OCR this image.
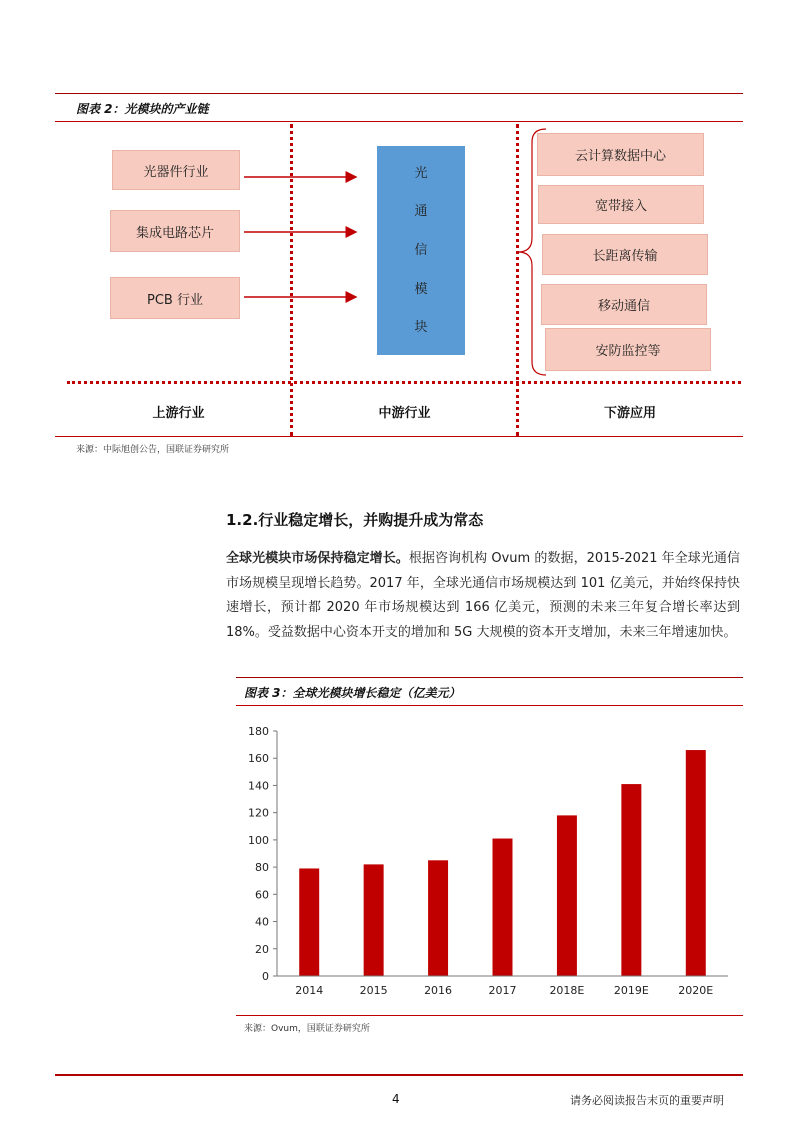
图表 2：光模块的产业链
光器件行业
集成电路芯片
PCB 行业
光
通
信
模
块
云计算数据中心
宽带接入
长距离传输
移动通信
安防监控等
上游行业	中游行业	下游应用
来源：中际旭创公告，国联证券研究所
1.2.行业稳定增长，并购提升成为常态
全球光模块市场保持稳定增长。根据咨询机构 Ovum 的数据，2015-2021 年全球光通信市场规模呈现增长趋势。2017 年，全球光通信市场规模达到 101 亿美元，并始终保持快速增长，预计都 2020 年市场规模达到 166 亿美元，预测的未来三年复合增长率达到 18%。受益数据中心资本开支的增加和 5G 大规模的资本开支增加，未来三年增速加快。
图表 3：全球光模块增长稳定（亿美元）
0
20
40
60
80
100
120
140
160
180
2014	2015	2016	2017	2018E	2019E	2020E
来源：Ovum，国联证券研究所
4	请务必阅读报告末页的重要声明
